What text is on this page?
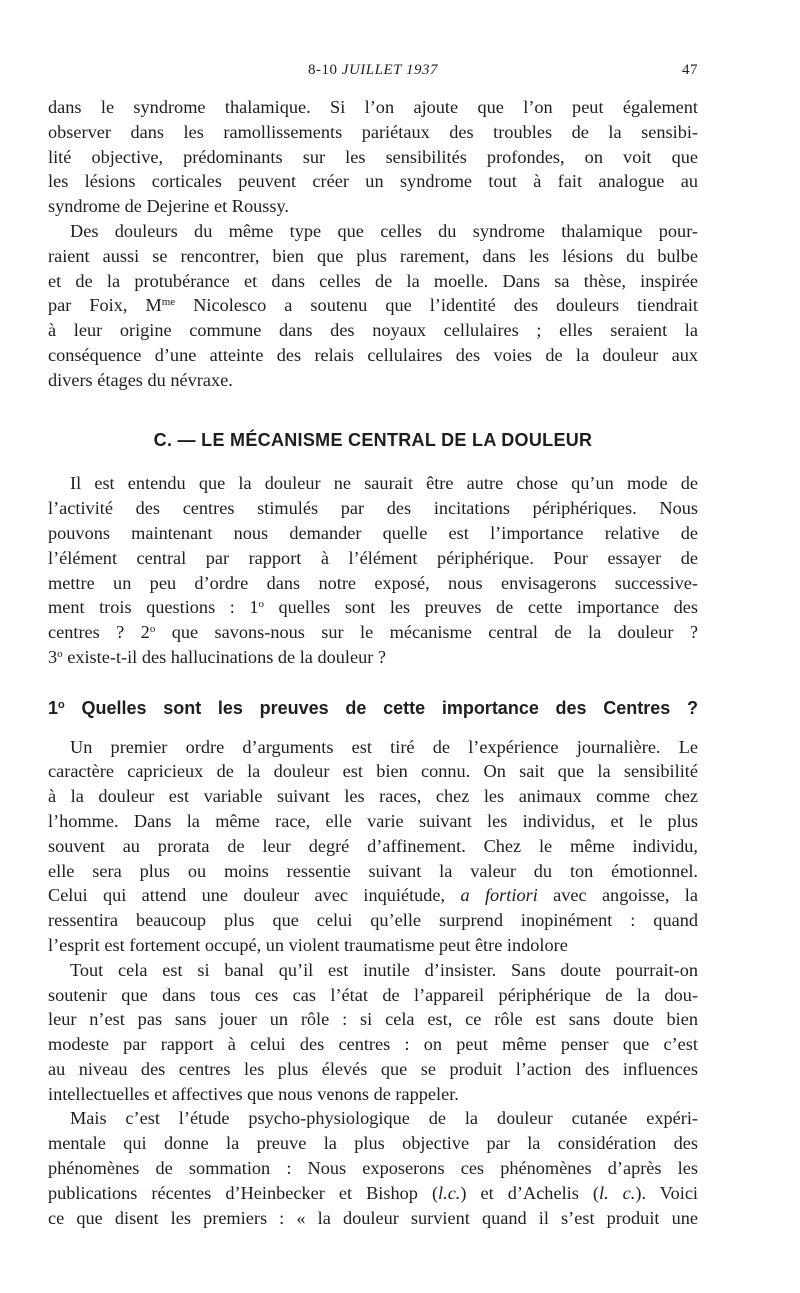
8-10 JUILLET 1937	47
dans le syndrome thalamique. Si l’on ajoute que l’on peut également
observer dans les ramollissements pariétaux des troubles de la sensibi-
lité objective, prédominants sur les sensibilités profondes, on voit que
les lésions corticales peuvent créer un syndrome tout à fait analogue au
syndrome de Dejerine et Roussy.
Des douleurs du même type que celles du syndrome thalamique pour-
raient aussi se rencontrer, bien que plus rarement, dans les lésions du bulbe
et de la protubérance et dans celles de la moelle. Dans sa thèse, inspirée
par Foix, $M^{me}$ Nicolesco a soutenu que l’identité des douleurs tiendrait
à leur origine commune dans des noyaux cellulaires ; elles seraient la
conséquence d’une atteinte des relais cellulaires des voies de la douleur aux
divers étages du névraxe.
C. — LE MÉCANISME CENTRAL DE LA DOULEUR
Il est entendu que la douleur ne saurait être autre chose qu’un mode de
l’activité des centres stimulés par des incitations périphériques. Nous
pouvons maintenant nous demander quelle est l’importance relative de
l’élément central par rapport à l’élément périphérique. Pour essayer de
mettre un peu d’ordre dans notre exposé, nous envisagerons successive-
ment trois questions : 1$^o$ quelles sont les preuves de cette importance des
centres ? 2$^o$ que savons-nous sur le mécanisme central de la douleur ?
3$^o$ existe-t-il des hallucinations de la douleur ?
1$^o$ Quelles sont les preuves de cette importance des Centres ?
Un premier ordre d’arguments est tiré de l’expérience journalière. Le
caractère capricieux de la douleur est bien connu. On sait que la sensibilité
à la douleur est variable suivant les races, chez les animaux comme chez
l’homme. Dans la même race, elle varie suivant les individus, et le plus
souvent au prorata de leur degré d’affinement. Chez le même individu,
elle sera plus ou moins ressentie suivant la valeur du ton émotionnel.
Celui qui attend une douleur avec inquiétude, a fortiori avec angoisse, la
ressentira beaucoup plus que celui qu’elle surprend inopinément : quand
l’esprit est fortement occupé, un violent traumatisme peut être indolore
Tout cela est si banal qu’il est inutile d’insister. Sans doute pourrait-on
soutenir que dans tous ces cas l’état de l’appareil périphérique de la dou-
leur n’est pas sans jouer un rôle : si cela est, ce rôle est sans doute bien
modeste par rapport à celui des centres : on peut même penser que c’est
au niveau des centres les plus élevés que se produit l’action des influences
intellectuelles et affectives que nous venons de rappeler.
Mais c’est l’étude psycho-physiologique de la douleur cutanée expéri-
mentale qui donne la preuve la plus objective par la considération des
phénomènes de sommation : Nous exposerons ces phénomènes d’après les
publications récentes d’Heinbecker et Bishop (l.c.) et d’Achelis (l. c.). Voici
ce que disent les premiers : « la douleur survient quand il s’est produit une
